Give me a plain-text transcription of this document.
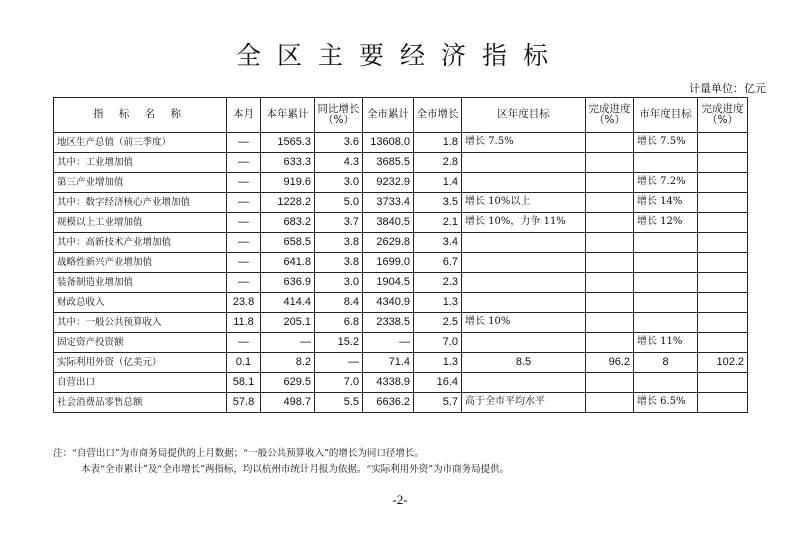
全区主要经济指标
计量单位：亿元
指 标 名 称	本月	本年累计	同比增长（%）	全市累计	全市增长	区年度目标	完成进度（%）	市年度目标	完成进度（%）
地区生产总值（前三季度）	—	1565.3	3.6	13608.0	1.8	增长 7.5%		增长 7.5%	
其中：工业增加值	—	633.3	4.3	3685.5	2.8				
第三产业增加值	—	919.6	3.0	9232.9	1.4			增长 7.2%	
其中：数字经济核心产业增加值	—	1228.2	5.0	3733.4	3.5	增长 10%以上		增长 14%	
规模以上工业增加值	—	683.2	3.7	3840.5	2.1	增长 10%，力争 11%		增长 12%	
其中：高新技术产业增加值	—	658.5	3.8	2629.8	3.4				
战略性新兴产业增加值	—	641.8	3.8	1699.0	6.7				
装备制造业增加值	—	636.9	3.0	1904.5	2.3				
财政总收入	23.8	414.4	8.4	4340.9	1.3				
其中：一般公共预算收入	11.8	205.1	6.8	2338.5	2.5	增长 10%			
固定资产投资额	—	—	15.2	—	7.0			增长 11%	
实际利用外资（亿美元）	0.1	8.2	—	71.4	1.3	8.5	96.2	8	102.2
自营出口	58.1	629.5	7.0	4338.9	16.4				
社会消费品零售总额	57.8	498.7	5.5	6636.2	5.7	高于全市平均水平		增长 6.5%	
注：“自营出口”为市商务局提供的上月数据；“一般公共预算收入”的增长为同口径增长。
本表“全市累计”及“全市增长”两指标，均以杭州市统计月报为依据。“实际利用外资”为市商务局提供。
-2-
